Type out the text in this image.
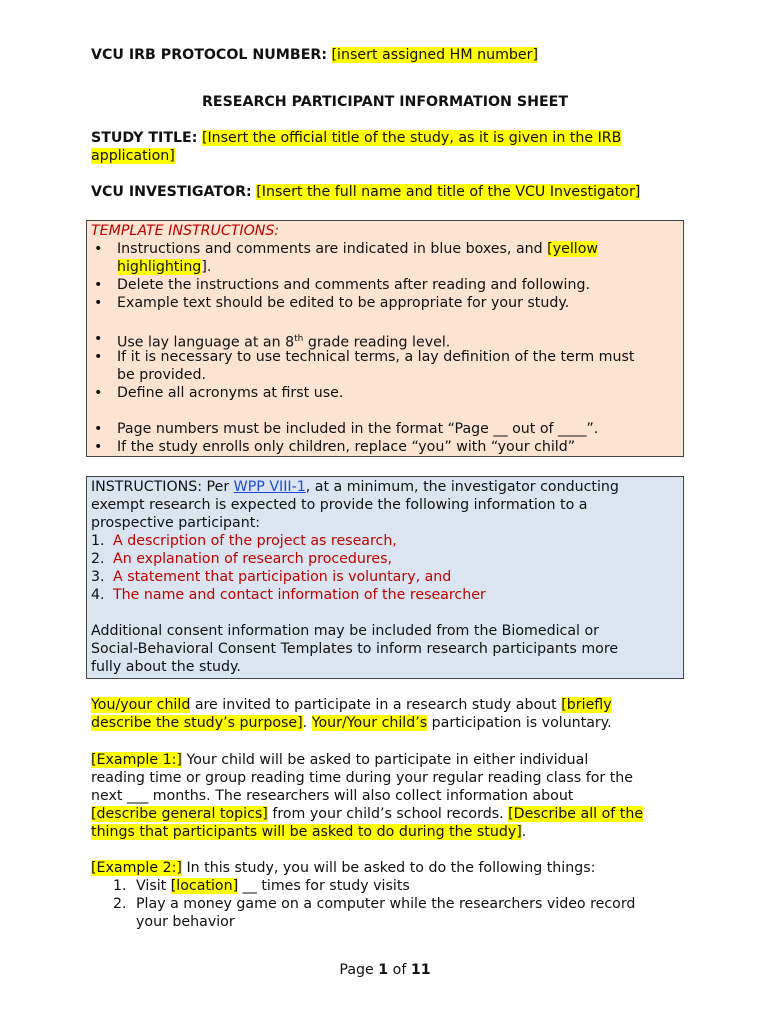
VCU IRB PROTOCOL NUMBER: [insert assigned HM number]
RESEARCH PARTICIPANT INFORMATION SHEET
STUDY TITLE: [Insert the official title of the study, as it is given in the IRB
application]
VCU INVESTIGATOR: [Insert the full name and title of the VCU Investigator]
TEMPLATE INSTRUCTIONS:
• Instructions and comments are indicated in blue boxes, and [yellow
highlighting].
• Delete the instructions and comments after reading and following.
• Example text should be edited to be appropriate for your study.
• Use lay language at an 8th grade reading level.
• If it is necessary to use technical terms, a lay definition of the term must
be provided.
• Define all acronyms at first use.
• Page numbers must be included in the format “Page __ out of ____”.
• If the study enrolls only children, replace “you” with “your child”
INSTRUCTIONS: Per WPP VIII-1, at a minimum, the investigator conducting
exempt research is expected to provide the following information to a
prospective participant:
1. A description of the project as research,
2. An explanation of research procedures,
3. A statement that participation is voluntary, and
4. The name and contact information of the researcher
Additional consent information may be included from the Biomedical or
Social-Behavioral Consent Templates to inform research participants more
fully about the study.
You/your child are invited to participate in a research study about [briefly
describe the study’s purpose]. Your/Your child’s participation is voluntary.
[Example 1:] Your child will be asked to participate in either individual
reading time or group reading time during your regular reading class for the
next ___ months. The researchers will also collect information about
[describe general topics] from your child’s school records. [Describe all of the
things that participants will be asked to do during the study].
[Example 2:] In this study, you will be asked to do the following things:
1. Visit [location] __ times for study visits
2. Play a money game on a computer while the researchers video record
your behavior
Page 1 of 11
